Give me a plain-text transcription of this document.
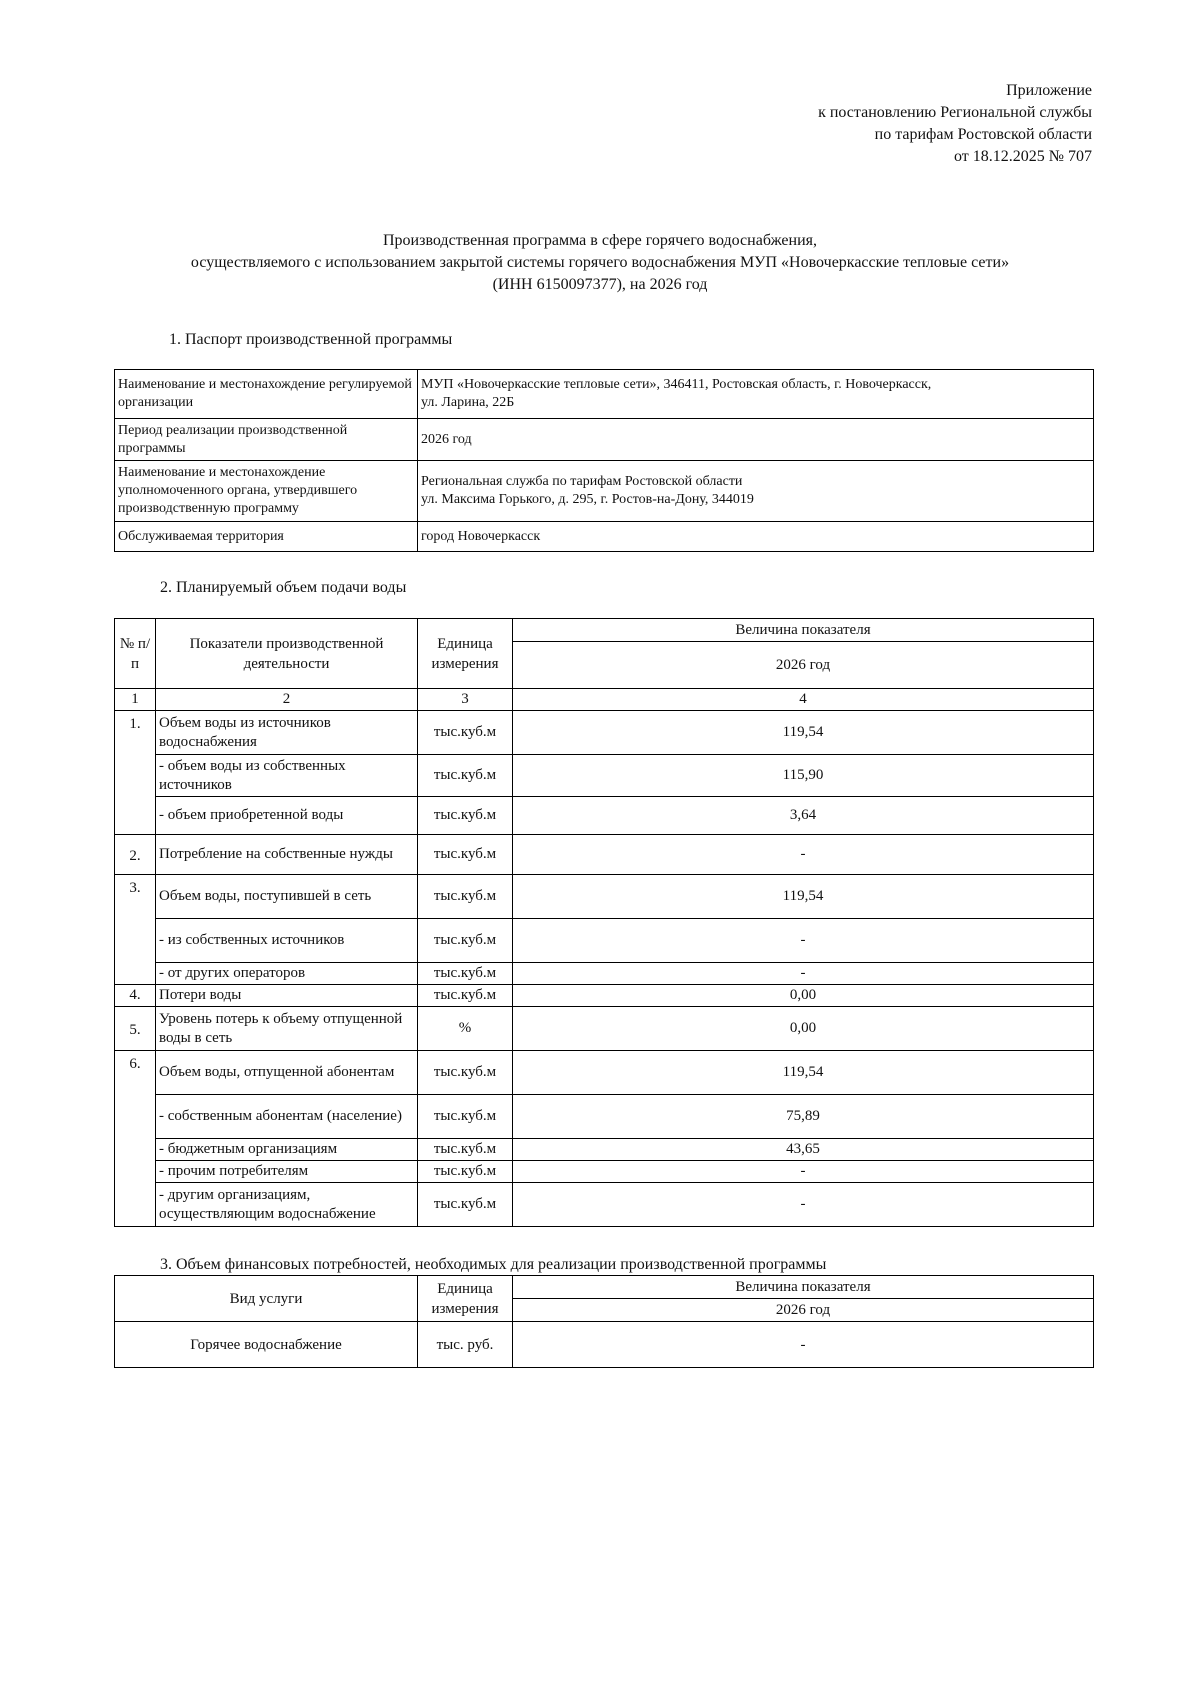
Приложение
к постановлению Региональной службы
по тарифам Ростовской области
от 18.12.2025 № 707
Производственная программа в сфере горячего водоснабжения,
осуществляемого с использованием закрытой системы горячего водоснабжения МУП «Новочеркасские тепловые сети»
(ИНН 6150097377), на 2026 год
1. Паспорт производственной программы
Наименование и местонахождение регулируемой организации	МУП «Новочеркасские тепловые сети», 346411, Ростовская область, г. Новочеркасск,
ул. Ларина, 22Б

Период реализации производственной программы	2026 год
Наименование и местонахождение уполномоченного органа, утвердившего производственную программу	Региональная служба по тарифам Ростовской области
ул. Максима Горького, д. 295, г. Ростов-на-Дону, 344019

Обслуживаемая территория	город Новочеркасск
2. Планируемый объем подачи воды
№ п/п	Показатели производственной деятельности	Единица измерения	Величина показателя
			2026 год
1	2	3	4
1.	Объем воды из источников водоснабжения	тыс.куб.м	119,54
	- объем воды из собственных источников	тыс.куб.м	115,90
	- объем приобретенной воды	тыс.куб.м	3,64
2.	Потребление на собственные нужды	тыс.куб.м	-
3.	Объем воды, поступившей в сеть	тыс.куб.м	119,54
	- из собственных источников	тыс.куб.м	-
	- от других операторов	тыс.куб.м	-
4.	Потери воды	тыс.куб.м	0,00
5.	Уровень потерь к объему отпущенной воды в сеть	%	0,00
6.	Объем воды, отпущенной абонентам	тыс.куб.м	119,54
	- собственным абонентам (население)	тыс.куб.м	75,89
	- бюджетным организациям	тыс.куб.м	43,65
	- прочим потребителям	тыс.куб.м	-
	- другим организациям, осуществляющим водоснабжение	тыс.куб.м	-
3. Объем финансовых потребностей, необходимых для реализации производственной программы
Вид услуги	Единица измерения	Величина показателя
		2026 год
Горячее водоснабжение	тыс. руб.	-
